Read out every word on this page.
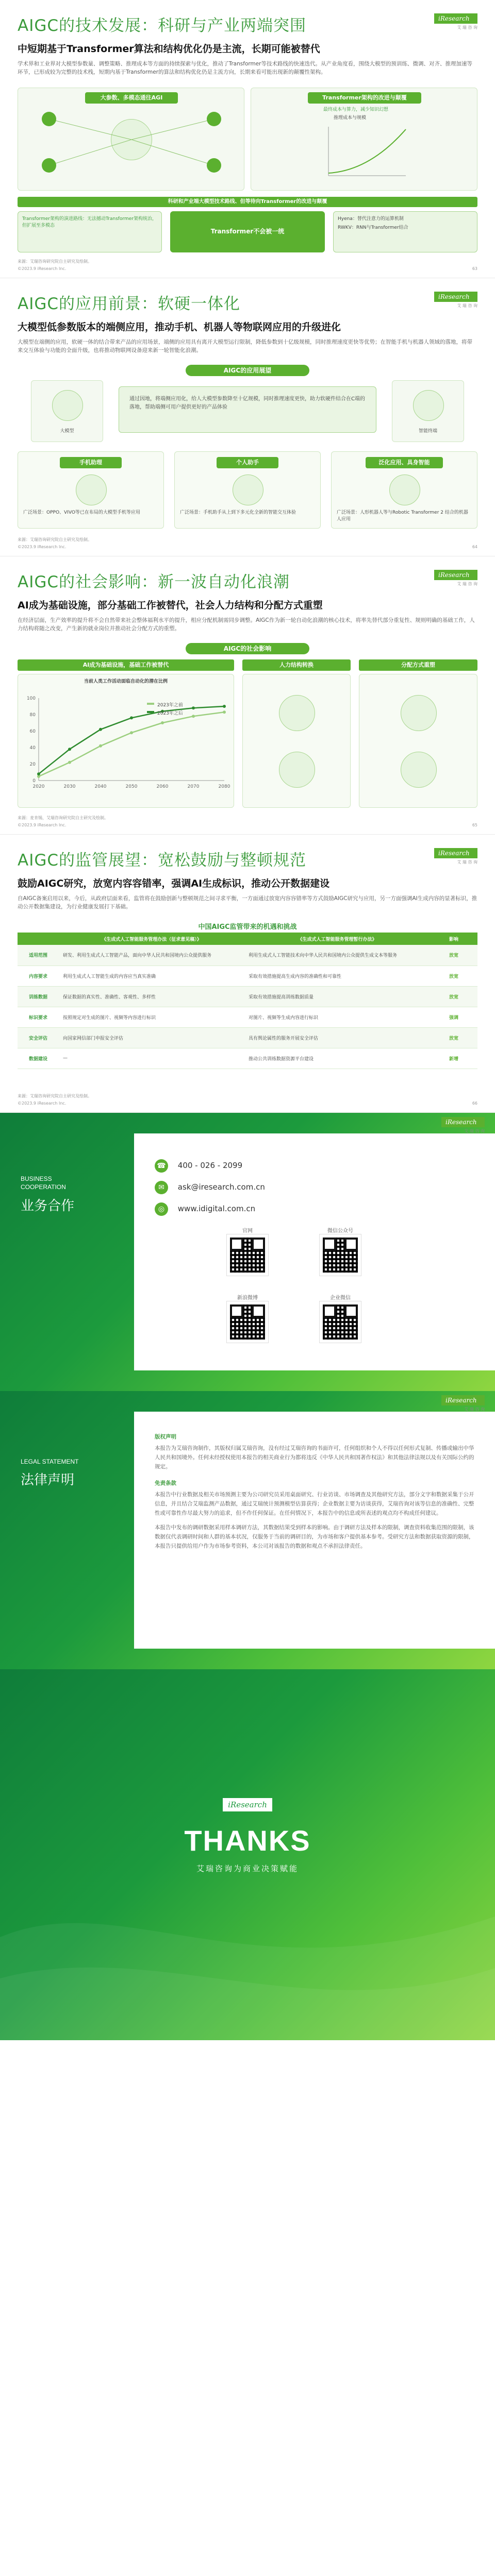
AIGC的技术发展：科研与产业两端突围	iResearch
艾 瑞 咨 询
中短期基于Transformer算法和结构优化仍是主流，长期可能被替代

学术界和工业界对大模型参数量、调整策略、推理成本等方面的持续探索与优化，推动了Transformer等技术路线的快速迭代。从产业角度看，围绕大模型的预训练、微调、对齐、推理加速等环节，已形成较为完整的技术栈，短期内基于Transformer的算法和结构优化仍是主流方向，长期来看可能出现新的颠覆性架构。

大参数、多模态通往AGI	Transformer架构的改进与颠覆
最终成本与算力，减少知识幻想
推理成本与规模
科研和产业端大模型技术路线、但等待向Transformer的改进与颠覆
Transformer架构的演进路线：无法撼动Transformer架构统治，但扩展至多模态
Transformer不会被一统
Hyena：替代注意力的运算机制
RWKV：RNN与Transformer结合
来源：艾瑞咨询研究院自主研究及绘制。
©2023.9 iResearch Inc.	63
AIGC的应用前景：软硬一体化	iResearch
艾 瑞 咨 询
大模型低参数版本的端侧应用，推动手机、机器人等物联网应用的升级进化

大模型在端侧的应用，软硬一体的结合带来产品的应用场景，端侧的应用具有离开大模型运行限制，降低参数到十亿级规模，同时推理速度更快等优势；在智能手机与机器人领域的落地，将带来交互体验与功能的全面升级，也将推动物联网设备迎来新一轮智能化浪潮。

AIGC的应用展望
大模型
通过因地，将端侧应用化，给人大模型参数降至十亿规模，同时推理速度更快，助力软硬件结合在C端的落地，帮助端侧可用户提供更好的产品体验
智能终端
手机助理
广泛场景：OPPO、VIVO等已在布局的大模型手机等应用
个人助手
广泛场景：手机助手从上到下多元化全新的智能交互体验
泛化应用、具身智能
广泛场景：人形机器人等与Robotic Transformer 2 结合的机器人应用
来源：艾瑞咨询研究院自主研究及绘制。
©2023.9 iResearch Inc.	64
AIGC的社会影响：新一波自动化浪潮	iResearch
艾 瑞 咨 询
AI成为基础设施，部分基础工作被替代，社会人力结构和分配方式重塑

在经济层面，生产效率的提升将不会自然带来社会整体福利水平的提升，相应分配机制需同步调整。AIGC作为新一轮自动化浪潮的核心技术，将率先替代部分重复性、规则明确的基础工作，人力结构将随之改变，产生新的就业岗位并推动社会分配方式的重塑。

AIGC的社会影响
AI成为基础设施，基础工作被替代
当前人类工作活动面临自动化的潜在比例
2020	2030	2040	2050	2060	2070	2080
0
20
40
60
80
100
2023年之前
2023年之后
人力结构转换	分配方式重塑
来源：麦肯锡，艾瑞咨询研究院自主研究及绘制。
©2023.9 iResearch Inc.	65
AIGC的监管展望：宽松鼓励与整顿规范	iResearch
艾 瑞 咨 询
鼓励AIGC研究，放宽内容容错率，强调AI生成标识，推动公开数据建设

自AIGC备案启用以来，今后，从政府层面来看，监管将在鼓励创新与整顿规范之间寻求平衡，一方面通过放宽内容容错率等方式鼓励AIGC研究与应用，另一方面强调AI生成内容的显著标识，推动公开数据集建设，为行业健康发展打下基础。

中国AIGC监管带来的机遇和挑战
	《生成式人工智能服务管理办法（征求意见稿）》	《生成式人工智能服务管理暂行办法》	影响
适用范围	研发、利用生成式人工智能产品，面向中华人民共和国境内公众提供服务	利用生成式人工智能技术向中华人民共和国境内公众提供生成文本等服务	放宽
内容要求	利用生成式人工智能生成的内容应当真实准确	采取有效措施提高生成内容的准确性和可靠性	放宽
训练数据	保证数据的真实性、准确性、客观性、多样性	采取有效措施提高训练数据质量	放宽
标识要求	按照规定对生成的图片、视频等内容进行标识	对图片、视频等生成内容进行标识	强调
安全评估	向国家网信部门申报安全评估	具有舆论属性的服务开展安全评估	放宽
数据建设	—	推动公共训练数据资源平台建设	新增
来源：艾瑞咨询研究院自主研究及绘制。
©2023.9 iResearch Inc.	66
BUSINESS
COOPERATION
业务合作
iResearch
艾 瑞 咨 询
☎ 400 - 026 - 2099
✉ ask@iresearch.com.cn
◎ www.idigital.com.cn
官网	微信公众号
新浪微博	企业微信
LEGAL STATEMENT
法律声明
iResearch
艾 瑞 咨 询
版权声明

本报告为艾瑞咨询制作，其版权归属艾瑞咨询，没有经过艾瑞咨询的书面许可，任何组织和个人不得以任何形式复制、传播或输出中华人民共和国境外。任何未经授权使用本报告的相关商业行为都将违反《中华人民共和国著作权法》和其他法律法规以及有关国际公约的规定。

免责条款

本报告中行业数据及相关市场预测主要为公司研究员采用桌面研究、行业访谈、市场调查及其他研究方法，部分文字和数据采集于公开信息，并且结合艾瑞监测产品数据，通过艾瑞统计预测模型估算获得；企业数据主要为访谈获得，艾瑞咨询对该等信息的准确性、完整性或可靠性作尽最大努力的追求，但不作任何保证。在任何情况下，本报告中的信息或所表述的观点均不构成任何建议。

本报告中发布的调研数据采用样本调研方法，其数据结果受到样本的影响。由于调研方法及样本的限制，调查资料收集范围的限制，该数据仅代表调研时间和人群的基本状况，仅服务于当前的调研目的，为市场和客户提供基本参考。受研究方法和数据获取资源的限制，本报告只提供给用户作为市场参考资料，本公司对该报告的数据和观点不承担法律责任。

iResearch
THANKS
艾瑞咨询为商业决策赋能
